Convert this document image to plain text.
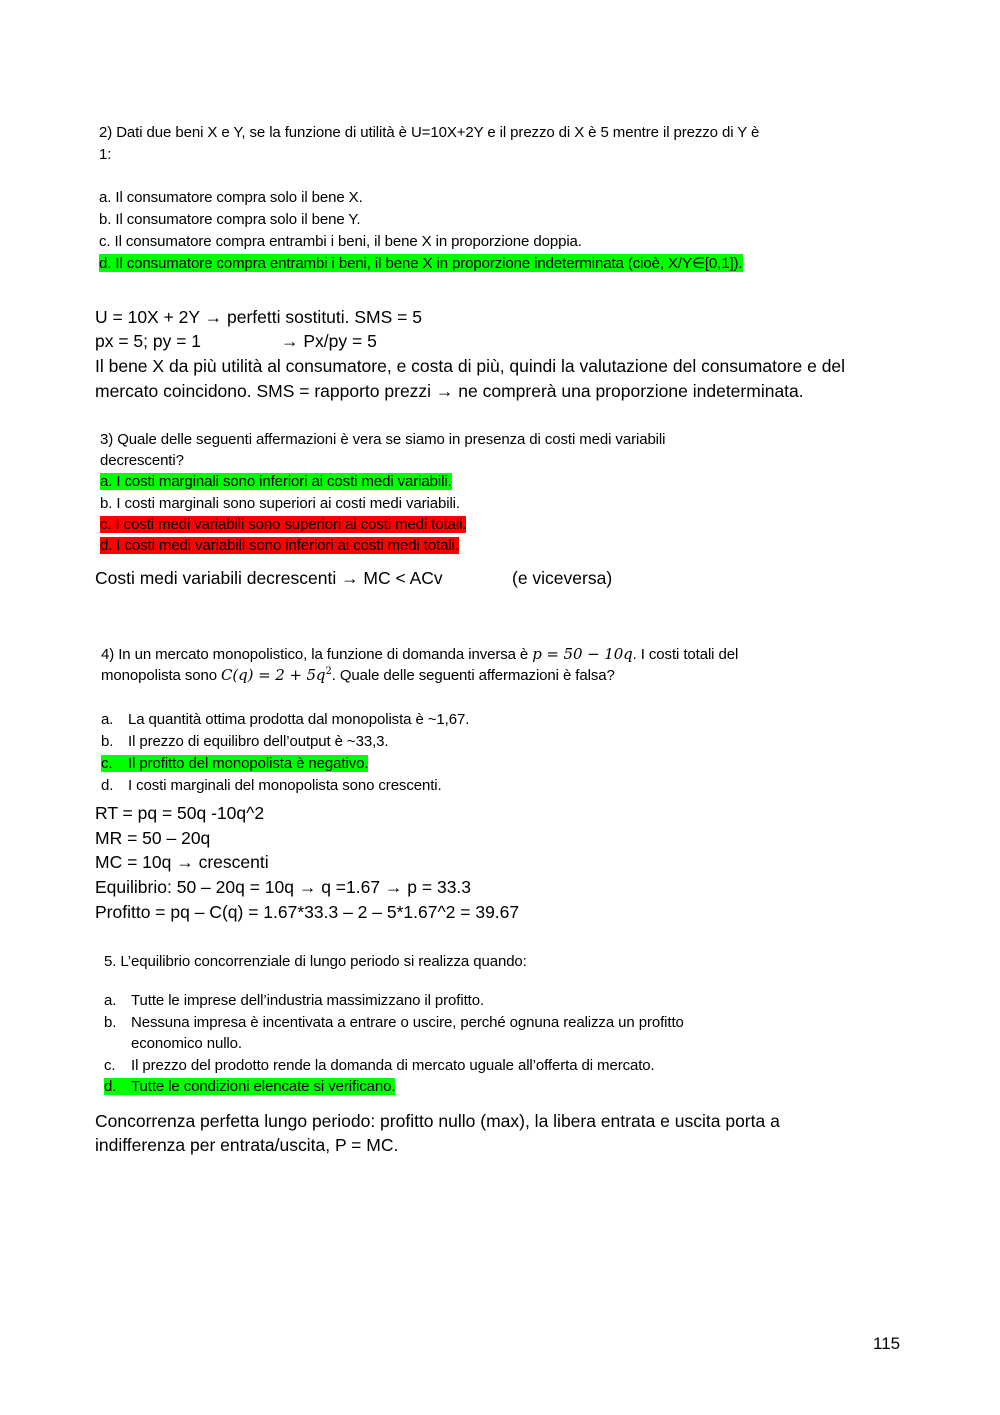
2) Dati due beni X e Y, se la funzione di utilità è U=10X+2Y e il prezzo di X è 5 mentre il prezzo di Y è
1:
a. Il consumatore compra solo il bene X.
b. Il consumatore compra solo il bene Y.
c. Il consumatore compra entrambi i beni, il bene X in proporzione doppia.
d. Il consumatore compra entrambi i beni, il bene X in proporzione indeterminata (cioè, X/Y∈[0,1]).
U = 10X + 2Y → perfetti sostituti. SMS = 5
px = 5; py = 1	→ Px/py = 5
Il bene X da più utilità al consumatore, e costa di più, quindi la valutazione del consumatore e del
mercato coincidono. SMS = rapporto prezzi → ne comprerà una proporzione indeterminata.
3) Quale delle seguenti affermazioni è vera se siamo in presenza di costi medi variabili
decrescenti?
a. I costi marginali sono inferiori ai costi medi variabili.
b. I costi marginali sono superiori ai costi medi variabili.
c. I costi medi variabili sono superiori ai costi medi totali.
d. I costi medi variabili sono inferiori ai costi medi totali.
Costi medi variabili decrescenti → MC < ACv	(e viceversa)
4) In un mercato monopolistico, la funzione di domanda inversa è p = 50 − 10q. I costi totali del
monopolista sono $C(q) = 2 + 5q^2$. Quale delle seguenti affermazioni è falsa?
a. La quantità ottima prodotta dal monopolista è ~1,67.
b. Il prezzo di equilibro dell’output è ~33,3.
c. Il profitto del monopolista è negativo.
d. I costi marginali del monopolista sono crescenti.
RT = pq = 50q -10q^2
MR = 50 – 20q
MC = 10q → crescenti
Equilibrio: 50 – 20q = 10q → q =1.67 → p = 33.3
Profitto = pq – C(q) = 1.67*33.3 – 2 – 5*1.67^2 = 39.67
5. L’equilibrio concorrenziale di lungo periodo si realizza quando:
a. Tutte le imprese dell’industria massimizzano il profitto.
b. Nessuna impresa è incentivata a entrare o uscire, perché ognuna realizza un profitto
economico nullo.
c. Il prezzo del prodotto rende la domanda di mercato uguale all’offerta di mercato.
d. Tutte le condizioni elencate si verificano.
Concorrenza perfetta lungo periodo: profitto nullo (max), la libera entrata e uscita porta a
indifferenza per entrata/uscita, P = MC.
115
